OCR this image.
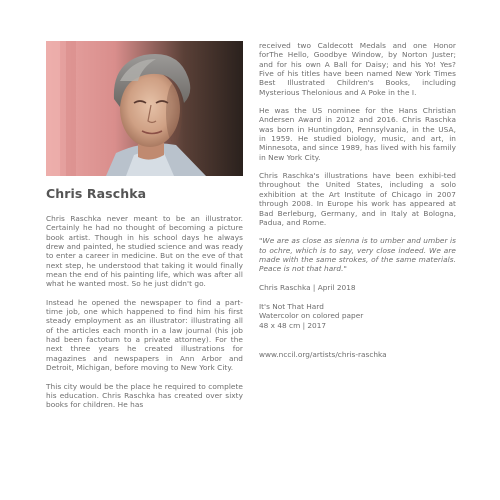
Chris Raschka

Chris Raschka never meant to be an illustrator. Certainly he had no thought of becoming a picture book artist. Though in his school days he always drew and painted, he studied science and was ready to enter a career in medicine. But on the eve of that next step, he understood that taking it would finally mean the end of his painting life, which was after all what he wanted most. So he just didn't go.

Instead he opened the newspaper to find a part-time job, one which happened to find him his first steady employment as an illustrator: illustrating all of the articles each month in a law journal (his job had been factotum to a private attorney). For the next three years he created illustrations for magazines and newspapers in Ann Arbor and Detroit, Michigan, before moving to New York City.

This city would be the place he required to complete his education. Chris Raschka has created over sixty books for children. He has

received two Caldecott Medals and one Honor forThe Hello, Goodbye Window, by Norton Juster; and for his own A Ball for Daisy; and his Yo! Yes? Five of his titles have been named New York Times Best Illustrated Children's Books, including Mysterious Thelonious and A Poke in the I.

He was the US nominee for the Hans Christian Andersen Award in 2012 and 2016. Chris Raschka was born in Huntingdon, Pennsylvania, in the USA, in 1959. He studied biology, music, and art, in Minnesota, and since 1989, has lived with his family in New York City.

Chris Raschka's illustrations have been exhibi-ted throughout the United States, including a solo exhibition at the Art Institute of Chicago in 2007 through 2008. In Europe his work has appeared at Bad Berleburg, Germany, and in Italy at Bologna, Padua, and Rome.

"We are as close as sienna is to umber and umber is to ochre, which is to say, very close indeed. We are made with the same strokes, of the same materials. Peace is not that hard."

Chris Raschka | April 2018

It's Not That Hard
Watercolor on colored paper
48 x 48 cm | 2017

www.nccil.org/artists/chris-raschka
